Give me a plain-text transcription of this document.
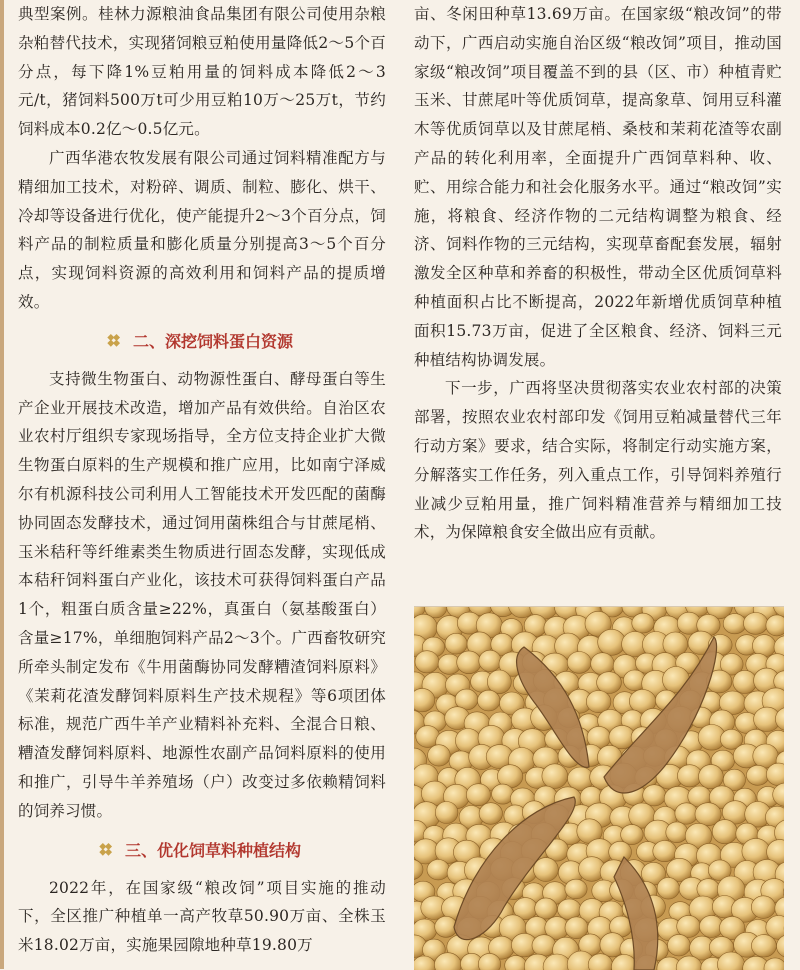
典型案例。桂林力源粮油食品集团有限公司使用杂粮杂粕替代技术，实现猪饲粮豆粕使用量降低2～5个百分点，每下降1%豆粕用量的饲料成本降低2～3元/t，猪饲料500万t可少用豆粕10万～25万t，节约饲料成本0.2亿～0.5亿元。

广西华港农牧发展有限公司通过饲料精准配方与精细加工技术，对粉碎、调质、制粒、膨化、烘干、冷却等设备进行优化，使产能提升2～3个百分点，饲料产品的制粒质量和膨化质量分别提高3～5个百分点，实现饲料资源的高效利用和饲料产品的提质增效。

二、深挖饲料蛋白资源

支持微生物蛋白、动物源性蛋白、酵母蛋白等生产企业开展技术改造，增加产品有效供给。自治区农业农村厅组织专家现场指导，全方位支持企业扩大微生物蛋白原料的生产规模和推广应用，比如南宁泽威尔有机源科技公司利用人工智能技术开发匹配的菌酶协同固态发酵技术，通过饲用菌株组合与甘蔗尾梢、玉米秸秆等纤维素类生物质进行固态发酵，实现低成本秸秆饲料蛋白产业化，该技术可获得饲料蛋白产品1个，粗蛋白质含量≥22%，真蛋白（氨基酸蛋白）含量≥17%，单细胞饲料产品2～3个。广西畜牧研究所牵头制定发布《牛用菌酶协同发酵糟渣饲料原料》《茉莉花渣发酵饲料原料生产技术规程》等6项团体标准，规范广西牛羊产业精料补充料、全混合日粮、糟渣发酵饲料原料、地源性农副产品饲料原料的使用和推广，引导牛羊养殖场（户）改变过多依赖精饲料的饲养习惯。

三、优化饲草料种植结构

2022年，在国家级“粮改饲”项目实施的推动下，全区推广种植单一高产牧草50.90万亩、全株玉米18.02万亩，实施果园隙地种草19.80万

亩、冬闲田种草13.69万亩。在国家级“粮改饲”的带动下，广西启动实施自治区级“粮改饲”项目，推动国家级“粮改饲”项目覆盖不到的县（区、市）种植青贮玉米、甘蔗尾叶等优质饲草，提高象草、饲用豆科灌木等优质饲草以及甘蔗尾梢、桑枝和茉莉花渣等农副产品的转化利用率，全面提升广西饲草料种、收、贮、用综合能力和社会化服务水平。通过“粮改饲”实施，将粮食、经济作物的二元结构调整为粮食、经济、饲料作物的三元结构，实现草畜配套发展，辐射激发全区种草和养畜的积极性，带动全区优质饲草料种植面积占比不断提高，2022年新增优质饲草种植面积15.73万亩，促进了全区粮食、经济、饲料三元种植结构协调发展。

下一步，广西将坚决贯彻落实农业农村部的决策部署，按照农业农村部印发《饲用豆粕减量替代三年行动方案》要求，结合实际，将制定行动实施方案，分解落实工作任务，列入重点工作，引导饲料养殖行业减少豆粕用量，推广饲料精准营养与精细加工技术，为保障粮食安全做出应有贡献。
